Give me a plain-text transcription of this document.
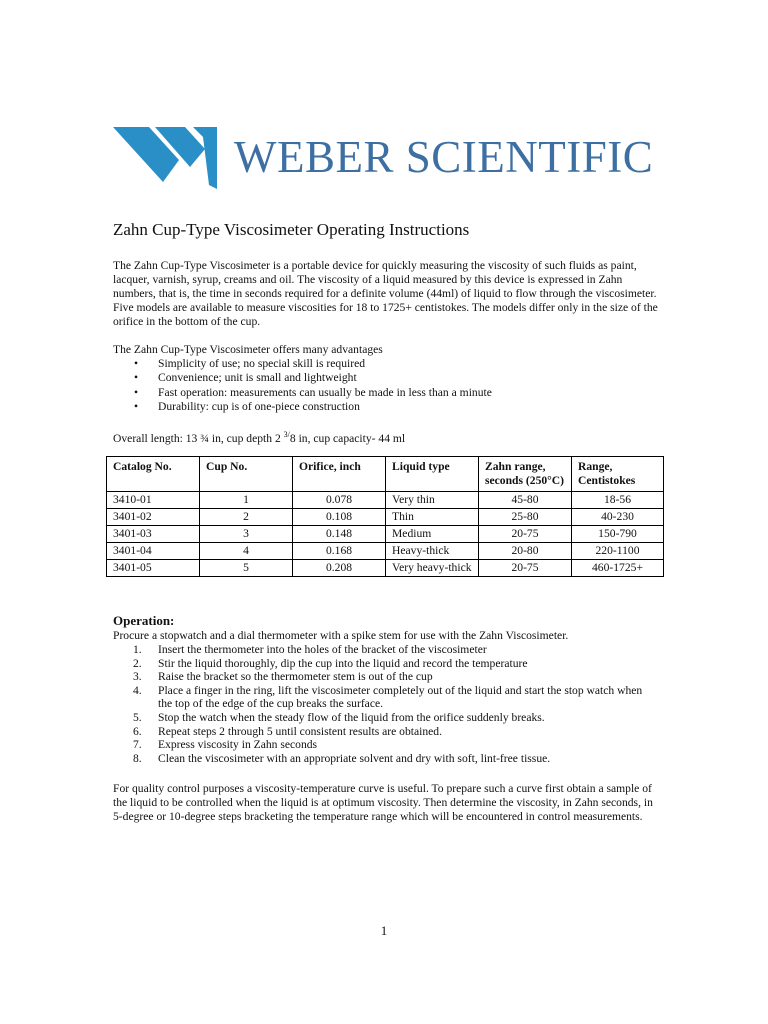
WEBER SCIENTIFIC
Zahn Cup-Type Viscosimeter Operating Instructions

The Zahn Cup-Type Viscosimeter is a portable device for quickly measuring the viscosity of such fluids as paint, lacquer, varnish, syrup, creams and oil. The viscosity of a liquid measured by this device is expressed in Zahn numbers, that is, the time in seconds required for a definite volume (44ml) of liquid to flow through the viscosimeter. Five models are available to measure viscosities for 18 to 1725+ centistokes. The models differ only in the size of the orifice in the bottom of the cup.

The Zahn Cup-Type Viscosimeter offers many advantages

• Simplicity of use; no special skill is required
• Convenience; unit is small and lightweight
• Fast operation: measurements can usually be made in less than a minute
• Durability: cup is of one-piece construction

Overall length: 13 ¾ in, cup depth 2 $^{3/}$8 in, cup capacity- 44 ml

Catalog No.	Cup No.	Orifice, inch	Liquid type	Zahn range, seconds (250°C)	Range, Centistokes
3410-01	1	0.078	Very thin	45-80	18-56
3401-02	2	0.108	Thin	25-80	40-230
3401-03	3	0.148	Medium	20-75	150-790
3401-04	4	0.168	Heavy-thick	20-80	220-1100
3401-05	5	0.208	Very heavy-thick	20-75	460-1725+
Operation:

Procure a stopwatch and a dial thermometer with a spike stem for use with the Zahn Viscosimeter.

1.	Insert the thermometer into the holes of the bracket of the viscosimeter
2.	Stir the liquid thoroughly, dip the cup into the liquid and record the temperature
3.	Raise the bracket so the thermometer stem is out of the cup
4.	Place a finger in the ring, lift the viscosimeter completely out of the liquid and start the stop watch when the top of the edge of the cup breaks the surface.
5.	Stop the watch when the steady flow of the liquid from the orifice suddenly breaks.
6.	Repeat steps 2 through 5 until consistent results are obtained.
7.	Express viscosity in Zahn seconds
8.	Clean the viscosimeter with an appropriate solvent and dry with soft, lint-free tissue.

For quality control purposes a viscosity-temperature curve is useful. To prepare such a curve first obtain a sample of the liquid to be controlled when the liquid is at optimum viscosity. Then determine the viscosity, in Zahn seconds, in 5-degree or 10-degree steps bracketing the temperature range which will be encountered in control measurements.

1
